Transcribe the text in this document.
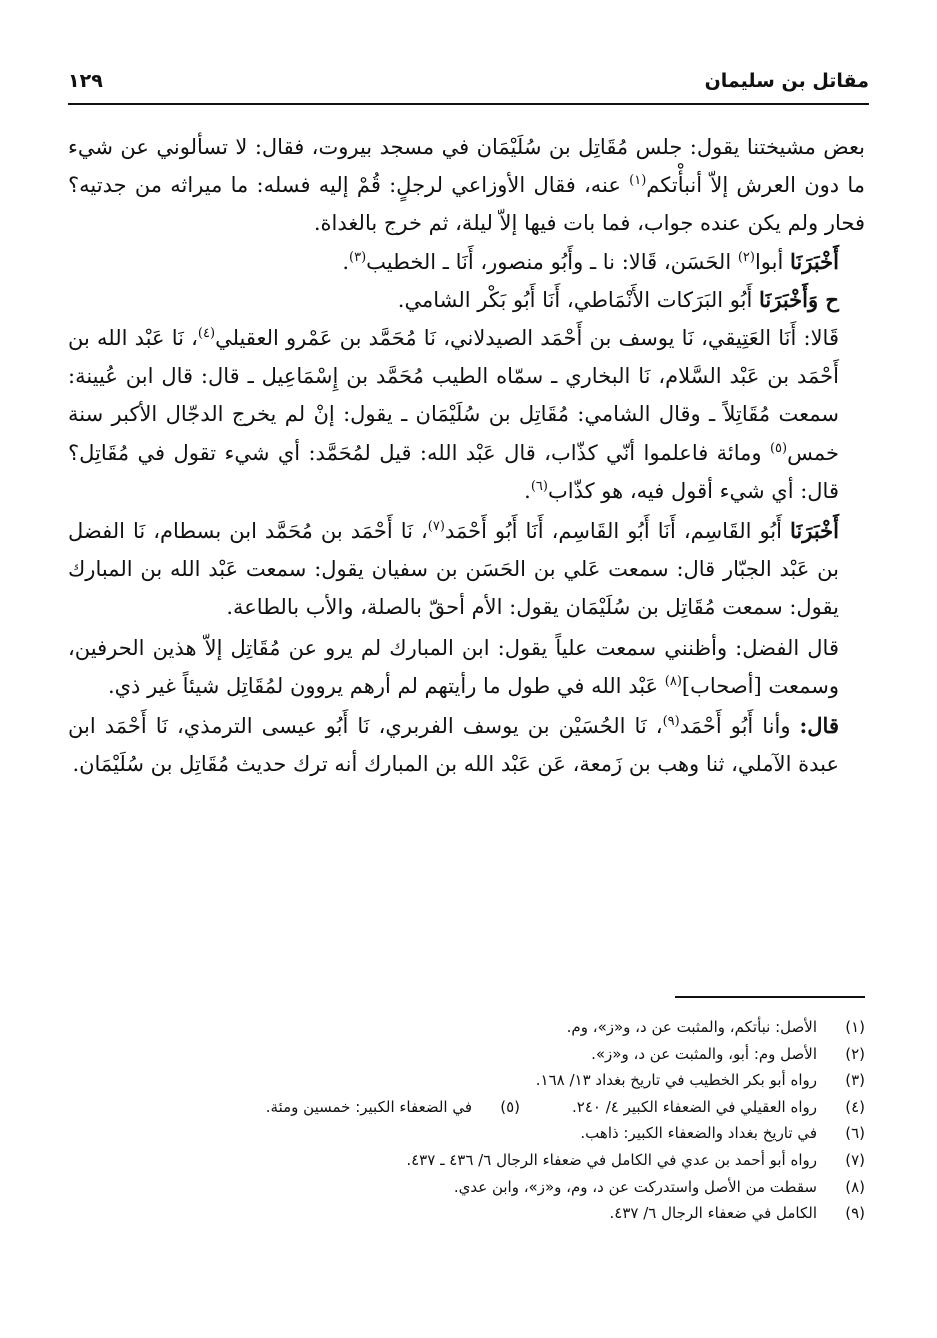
مقاتل بن سليمان
١٢٩

بعض مشيختنا يقول: جلس مُقَاتِل بن سُلَيْمَان في مسجد بيروت، فقال: لا تسألوني عن شيء ما دون العرش إلاّ أنبأْتكم$^{(١)}$ عنه، فقال الأوزاعي لرجلٍ: قُمْ إليه فسله: ما ميراثه من جدتيه؟ فحار ولم يكن عنده جواب، فما بات فيها إلاّ ليلة، ثم خرج بالغداة.

أَخْبَرَنَا أبوا$^{(٢)}$ الحَسَن، قَالا: نا ـ وأَبُو منصور، أَنَا ـ الخطيب$^{(٣)}$.

ح وَأَخْبَرَنَا أَبُو البَرَكات الأَنْمَاطي، أَنَا أَبُو بَكْر الشامي.

قَالا: أَنَا العَتِيقي، نَا يوسف بن أَحْمَد الصيدلاني، نَا مُحَمَّد بن عَمْرو العقيلي$^{(٤)}$، نَا عَبْد الله بن أَحْمَد بن عَبْد السَّلام، نَا البخاري ـ سمّاه الطيب مُحَمَّد بن إِسْمَاعِيل ـ قال: قال ابن عُيينة: سمعت مُقَاتِلاً ـ وقال الشامي: مُقَاتِل بن سُلَيْمَان ـ يقول: إنْ لم يخرج الدجّال الأكبر سنة خمس$^{(٥)}$ ومائة فاعلموا أنّي كذّاب، قال عَبْد الله: قيل لمُحَمَّد: أي شيء تقول في مُقَاتِل؟ قال: أي شيء أقول فيه، هو كذّاب$^{(٦)}$.

أَخْبَرَنَا أَبُو القَاسِم، أَنَا أَبُو القَاسِم، أَنَا أَبُو أَحْمَد$^{(٧)}$، نَا أَحْمَد بن مُحَمَّد ابن بسطام، نَا الفضل بن عَبْد الجبّار قال: سمعت عَلي بن الحَسَن بن سفيان يقول: سمعت عَبْد الله بن المبارك يقول: سمعت مُقَاتِل بن سُلَيْمَان يقول: الأم أحقّ بالصلة، والأب بالطاعة.

قال الفضل: وأظنني سمعت علياً يقول: ابن المبارك لم يرو عن مُقَاتِل إلاّ هذين الحرفين، وسمعت [أصحاب]$^{(٨)}$ عَبْد الله في طول ما رأيتهم لم أرهم يروون لمُقَاتِل شيئاً غير ذي.

قال: وأنا أَبُو أَحْمَد$^{(٩)}$، نَا الحُسَيْن بن يوسف الفربري، نَا أَبُو عيسى الترمذي، نَا أَحْمَد ابن عبدة الآملي، ثنا وهب بن زَمعة، عَن عَبْد الله بن المبارك أنه ترك حديث مُقَاتِل بن سُلَيْمَان.

(١)
الأصل: نبأتكم، والمثبت عن د، و«ز»، وم.
(٢)
الأصل وم: أبو، والمثبت عن د، و«ز».
(٣)
رواه أبو بكر الخطيب في تاريخ بغداد ١٣/ ١٦٨.
(٤)
رواه العقيلي في الضعفاء الكبير ٤/ ٢٤٠.
(٥)
في الضعفاء الكبير: خمسين ومئة.
(٦)
في تاريخ بغداد والضعفاء الكبير: ذاهب.
(٧)
رواه أبو أحمد بن عدي في الكامل في ضعفاء الرجال ٦/ ٤٣٦ ـ ٤٣٧.
(٨)
سقطت من الأصل واستدركت عن د، وم، و«ز»، وابن عدي.
(٩)
الكامل في ضعفاء الرجال ٦/ ٤٣٧.
